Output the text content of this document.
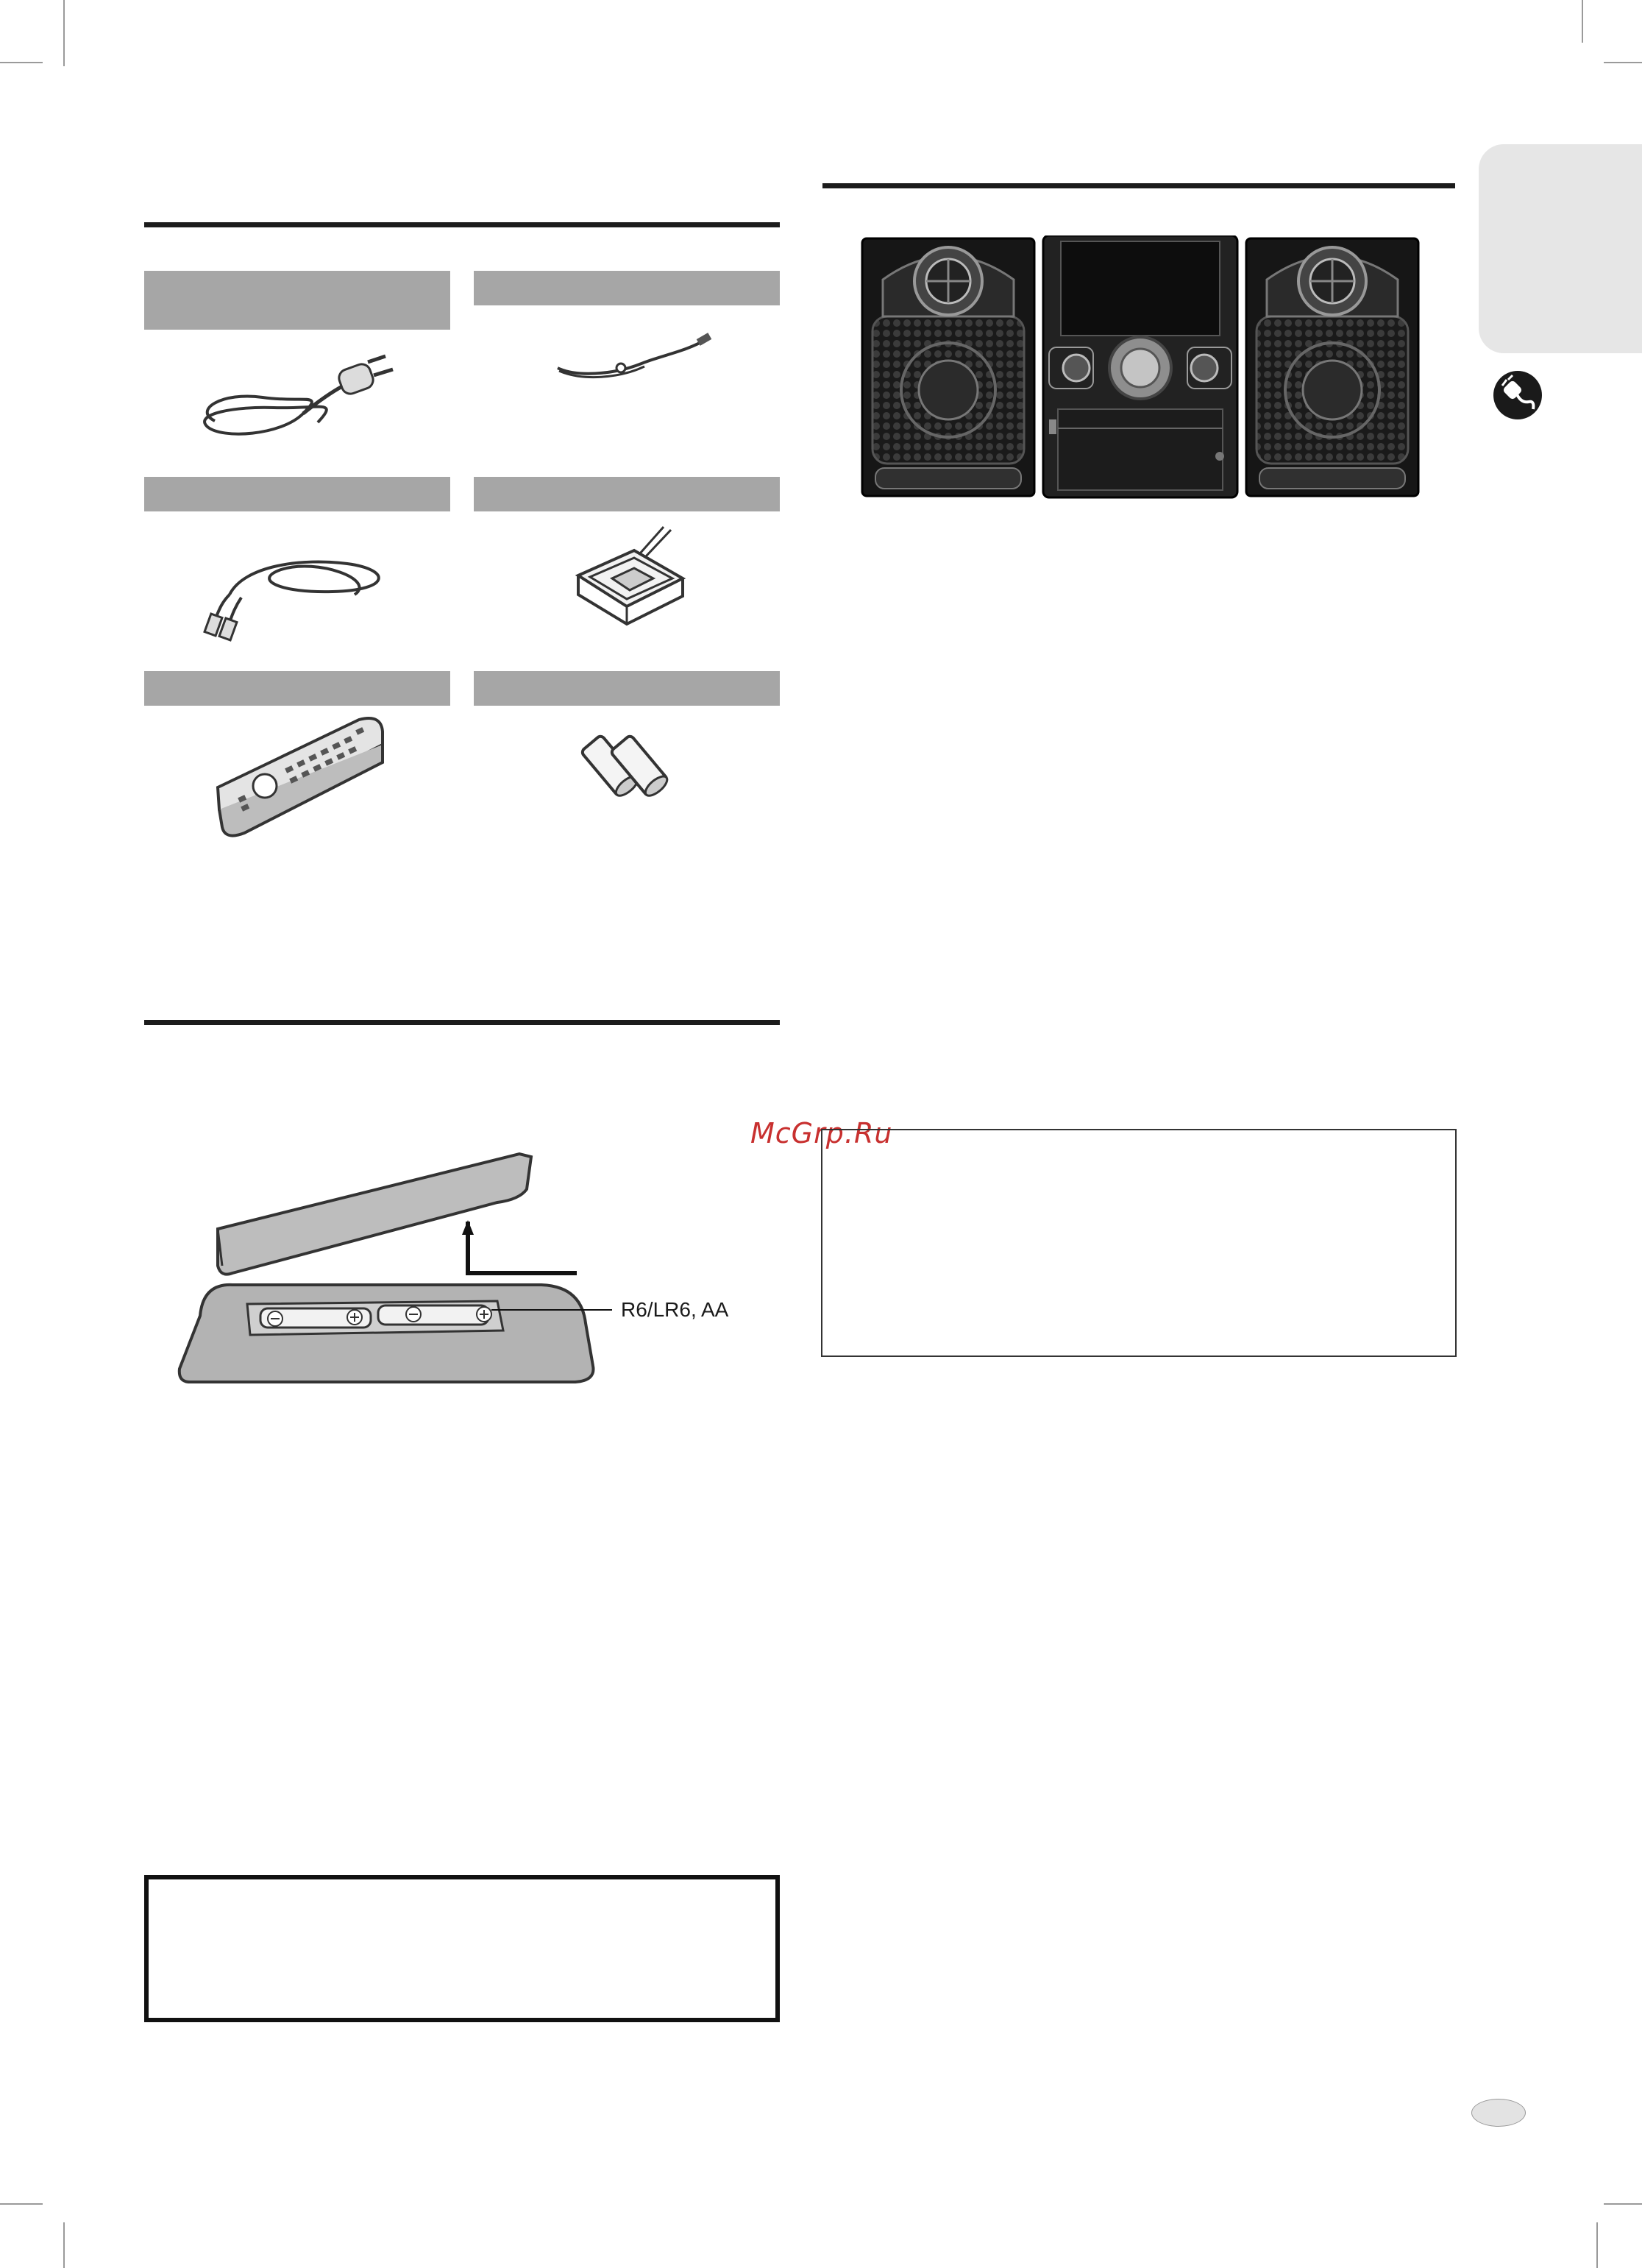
R6/LR6, AA
McGrp.Ru
